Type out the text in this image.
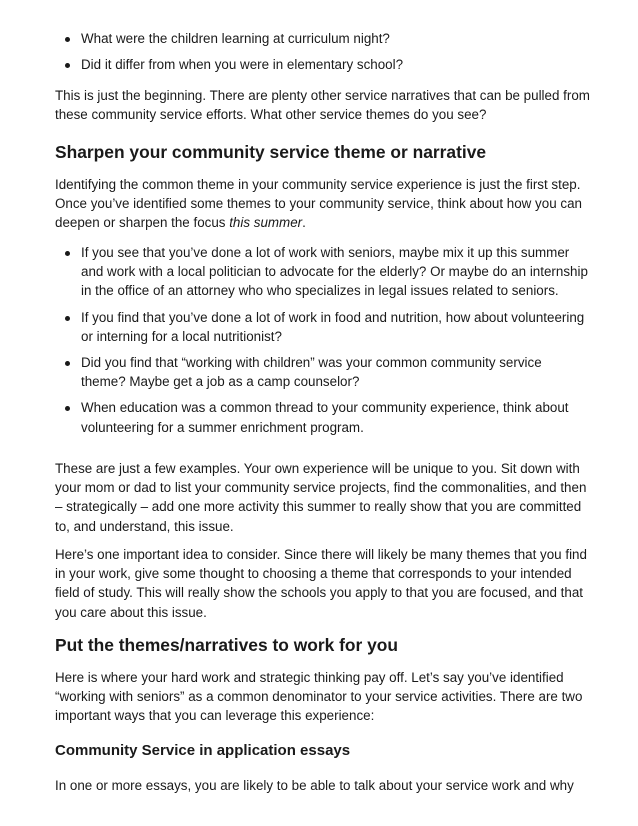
What were the children learning at curriculum night?
Did it differ from when you were in elementary school?

This is just the beginning. There are plenty other service narratives that can be pulled from these community service efforts. What other service themes do you see?

Sharpen your community service theme or narrative

Identifying the common theme in your community service experience is just the first step. Once you’ve identified some themes to your community service, think about how you can deepen or sharpen the focus this summer.

If you see that you’ve done a lot of work with seniors, maybe mix it up this summer and work with a local politician to advocate for the elderly? Or maybe do an internship in the office of an attorney who who specializes in legal issues related to seniors.
If you find that you’ve done a lot of work in food and nutrition, how about volunteering or interning for a local nutritionist?
Did you find that “working with children” was your common community service theme? Maybe get a job as a camp counselor?
When education was a common thread to your community experience, think about volunteering for a summer enrichment program.

These are just a few examples. Your own experience will be unique to you. Sit down with your mom or dad to list your community service projects, find the commonalities, and then – strategically – add one more activity this summer to really show that you are committed to, and understand, this issue.

Here’s one important idea to consider. Since there will likely be many themes that you find in your work, give some thought to choosing a theme that corresponds to your intended field of study. This will really show the schools you apply to that you are focused, and that you care about this issue.

Put the themes/narratives to work for you

Here is where your hard work and strategic thinking pay off. Let’s say you’ve identified “working with seniors” as a common denominator to your service activities. There are two important ways that you can leverage this experience:

Community Service in application essays

In one or more essays, you are likely to be able to talk about your service work and why
